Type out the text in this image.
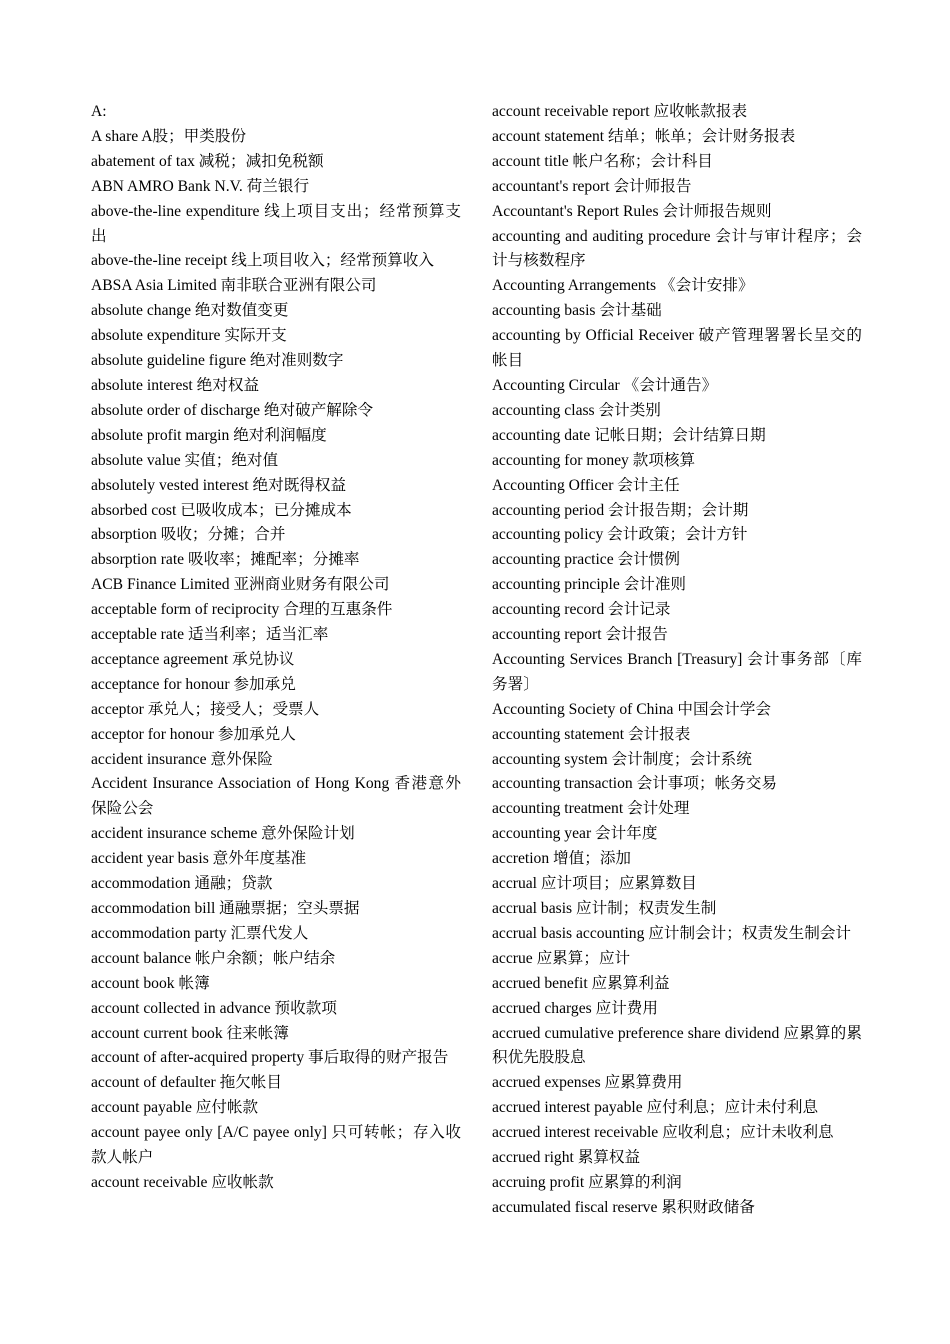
A:

A share A股；甲类股份

abatement of tax 减税；减扣免税额

ABN AMRO Bank N.V. 荷兰银行

above-the-line expenditure 线上项目支出；经常预算支出

above-the-line receipt 线上项目收入；经常预算收入

ABSA Asia Limited 南非联合亚洲有限公司

absolute change 绝对数值变更

absolute expenditure 实际开支

absolute guideline figure 绝对准则数字

absolute interest 绝对权益

absolute order of discharge 绝对破产解除令

absolute profit margin 绝对利润幅度

absolute value 实值；绝对值

absolutely vested interest 绝对既得权益

absorbed cost 已吸收成本；已分摊成本

absorption 吸收；分摊；合并

absorption rate 吸收率；摊配率；分摊率

ACB Finance Limited 亚洲商业财务有限公司

acceptable form of reciprocity 合理的互惠条件

acceptable rate 适当利率；适当汇率

acceptance agreement 承兑协议

acceptance for honour 参加承兑

acceptor 承兑人；接受人；受票人

acceptor for honour 参加承兑人

accident insurance 意外保险

Accident Insurance Association of Hong Kong 香港意外保险公会

accident insurance scheme 意外保险计划

accident year basis 意外年度基准

accommodation 通融；贷款

accommodation bill 通融票据；空头票据

accommodation party 汇票代发人

account balance 帐户余额；帐户结余

account book 帐簿

account collected in advance 预收款项

account current book 往来帐簿

account of after-acquired property 事后取得的财产报告

account of defaulter 拖欠帐目

account payable 应付帐款

account payee only [A/C payee only] 只可转帐；存入收款人帐户

account receivable 应收帐款

account receivable report 应收帐款报表

account statement 结单；帐单；会计财务报表

account title 帐户名称；会计科目

accountant's report 会计师报告

Accountant's Report Rules 会计师报告规则

accounting and auditing procedure 会计与审计程序；会计与核数程序

Accounting Arrangements 《会计安排》

accounting basis 会计基础

accounting by Official Receiver 破产管理署署长呈交的帐目

Accounting Circular 《会计通告》

accounting class 会计类别

accounting date 记帐日期；会计结算日期

accounting for money 款项核算

Accounting Officer 会计主任

accounting period 会计报告期；会计期

accounting policy 会计政策；会计方针

accounting practice 会计惯例

accounting principle 会计准则

accounting record 会计记录

accounting report 会计报告

Accounting Services Branch [Treasury] 会计事务部〔库务署〕

Accounting Society of China 中国会计学会

accounting statement 会计报表

accounting system 会计制度；会计系统

accounting transaction 会计事项；帐务交易

accounting treatment 会计处理

accounting year 会计年度

accretion 增值；添加

accrual 应计项目；应累算数目

accrual basis 应计制；权责发生制

accrual basis accounting 应计制会计；权责发生制会计

accrue 应累算；应计

accrued benefit 应累算利益

accrued charges 应计费用

accrued cumulative preference share dividend 应累算的累积优先股股息

accrued expenses 应累算费用

accrued interest payable 应付利息；应计未付利息

accrued interest receivable 应收利息；应计未收利息

accrued right 累算权益

accruing profit 应累算的利润

accumulated fiscal reserve 累积财政储备
